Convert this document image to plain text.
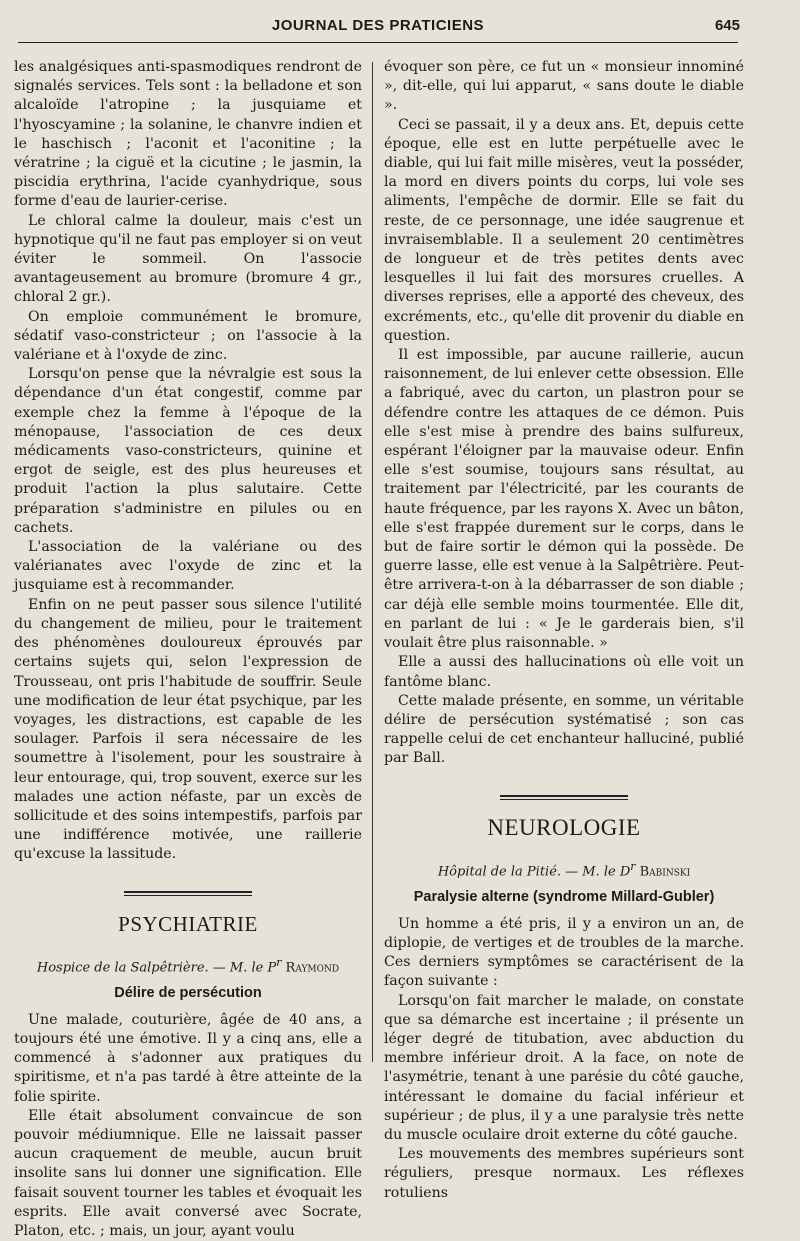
JOURNAL DES PRATICIENS	645

les analgésiques anti-spasmodiques rendront de signalés services. Tels sont : la belladone et son alcaloïde l'atropine ; la jusquiame et l'hyoscyamine ; la solanine, le chanvre indien et le haschisch ; l'aconit et l'aconitine ; la vératrine ; la ciguë et la cicutine ; le jasmin, la piscidia erythrina, l'acide cyanhydrique, sous forme d'eau de laurier-cerise.

Le chloral calme la douleur, mais c'est un hypnotique qu'il ne faut pas employer si on veut éviter le sommeil. On l'associe avantageusement au bromure (bromure 4 gr., chloral 2 gr.).

On emploie communément le bromure, sédatif vaso-constricteur ; on l'associe à la valériane et à l'oxyde de zinc.

Lorsqu'on pense que la névralgie est sous la dépendance d'un état congestif, comme par exemple chez la femme à l'époque de la ménopause, l'association de ces deux médicaments vaso-constricteurs, quinine et ergot de seigle, est des plus heureuses et produit l'action la plus salutaire. Cette préparation s'administre en pilules ou en cachets.

L'association de la valériane ou des valérianates avec l'oxyde de zinc et la jusquiame est à recommander.

Enfin on ne peut passer sous silence l'utilité du changement de milieu, pour le traitement des phénomènes douloureux éprouvés par certains sujets qui, selon l'expression de Trousseau, ont pris l'habitude de souffrir. Seule une modification de leur état psychique, par les voyages, les distractions, est capable de les soulager. Parfois il sera nécessaire de les soumettre à l'isolement, pour les soustraire à leur entourage, qui, trop souvent, exerce sur les malades une action néfaste, par un excès de sollicitude et des soins intempestifs, parfois par une indifférence motivée, une raillerie qu'excuse la lassitude.

PSYCHIATRIE
Hospice de la Salpêtrière. — M. le $P^r$ Raymond
Délire de persécution

Une malade, couturière, âgée de 40 ans, a toujours été une émotive. Il y a cinq ans, elle a commencé à s'adonner aux pratiques du spiritisme, et n'a pas tardé à être atteinte de la folie spirite.

Elle était absolument convaincue de son pouvoir médiumnique. Elle ne laissait passer aucun craquement de meuble, aucun bruit insolite sans lui donner une signification. Elle faisait souvent tourner les tables et évoquait les esprits. Elle avait conversé avec Socrate, Platon, etc. ; mais, un jour, ayant voulu

évoquer son père, ce fut un « monsieur innominé », dit-elle, qui lui apparut, « sans doute le diable ».

Ceci se passait, il y a deux ans. Et, depuis cette époque, elle est en lutte perpétuelle avec le diable, qui lui fait mille misères, veut la posséder, la mord en divers points du corps, lui vole ses aliments, l'empêche de dormir. Elle se fait du reste, de ce personnage, une idée saugrenue et invraisemblable. Il a seulement 20 centimètres de longueur et de très petites dents avec lesquelles il lui fait des morsures cruelles. A diverses reprises, elle a apporté des cheveux, des excréments, etc., qu'elle dit provenir du diable en question.

Il est impossible, par aucune raillerie, aucun raisonnement, de lui enlever cette obsession. Elle a fabriqué, avec du carton, un plastron pour se défendre contre les attaques de ce démon. Puis elle s'est mise à prendre des bains sulfureux, espérant l'éloigner par la mauvaise odeur. Enfin elle s'est soumise, toujours sans résultat, au traitement par l'électricité, par les courants de haute fréquence, par les rayons X. Avec un bâton, elle s'est frappée durement sur le corps, dans le but de faire sortir le démon qui la possède. De guerre lasse, elle est venue à la Salpêtrière. Peut-être arrivera-t-on à la débarrasser de son diable ; car déjà elle semble moins tourmentée. Elle dit, en parlant de lui : « Je le garderais bien, s'il voulait être plus raisonnable. »

Elle a aussi des hallucinations où elle voit un fantôme blanc.

Cette malade présente, en somme, un véritable délire de persécution systématisé ; son cas rappelle celui de cet enchanteur halluciné, publié par Ball.

NEUROLOGIE
Hôpital de la Pitié. — M. le $D^r$ Babinski
Paralysie alterne (syndrome Millard-Gubler)

Un homme a été pris, il y a environ un an, de diplopie, de vertiges et de troubles de la marche. Ces derniers symptômes se caractérisent de la façon suivante :

Lorsqu'on fait marcher le malade, on constate que sa démarche est incertaine ; il présente un léger degré de titubation, avec abduction du membre inférieur droit. A la face, on note de l'asymétrie, tenant à une parésie du côté gauche, intéressant le domaine du facial inférieur et supérieur ; de plus, il y a une paralysie très nette du muscle oculaire droit externe du côté gauche.

Les mouvements des membres supérieurs sont réguliers, presque normaux. Les réflexes rotuliens
